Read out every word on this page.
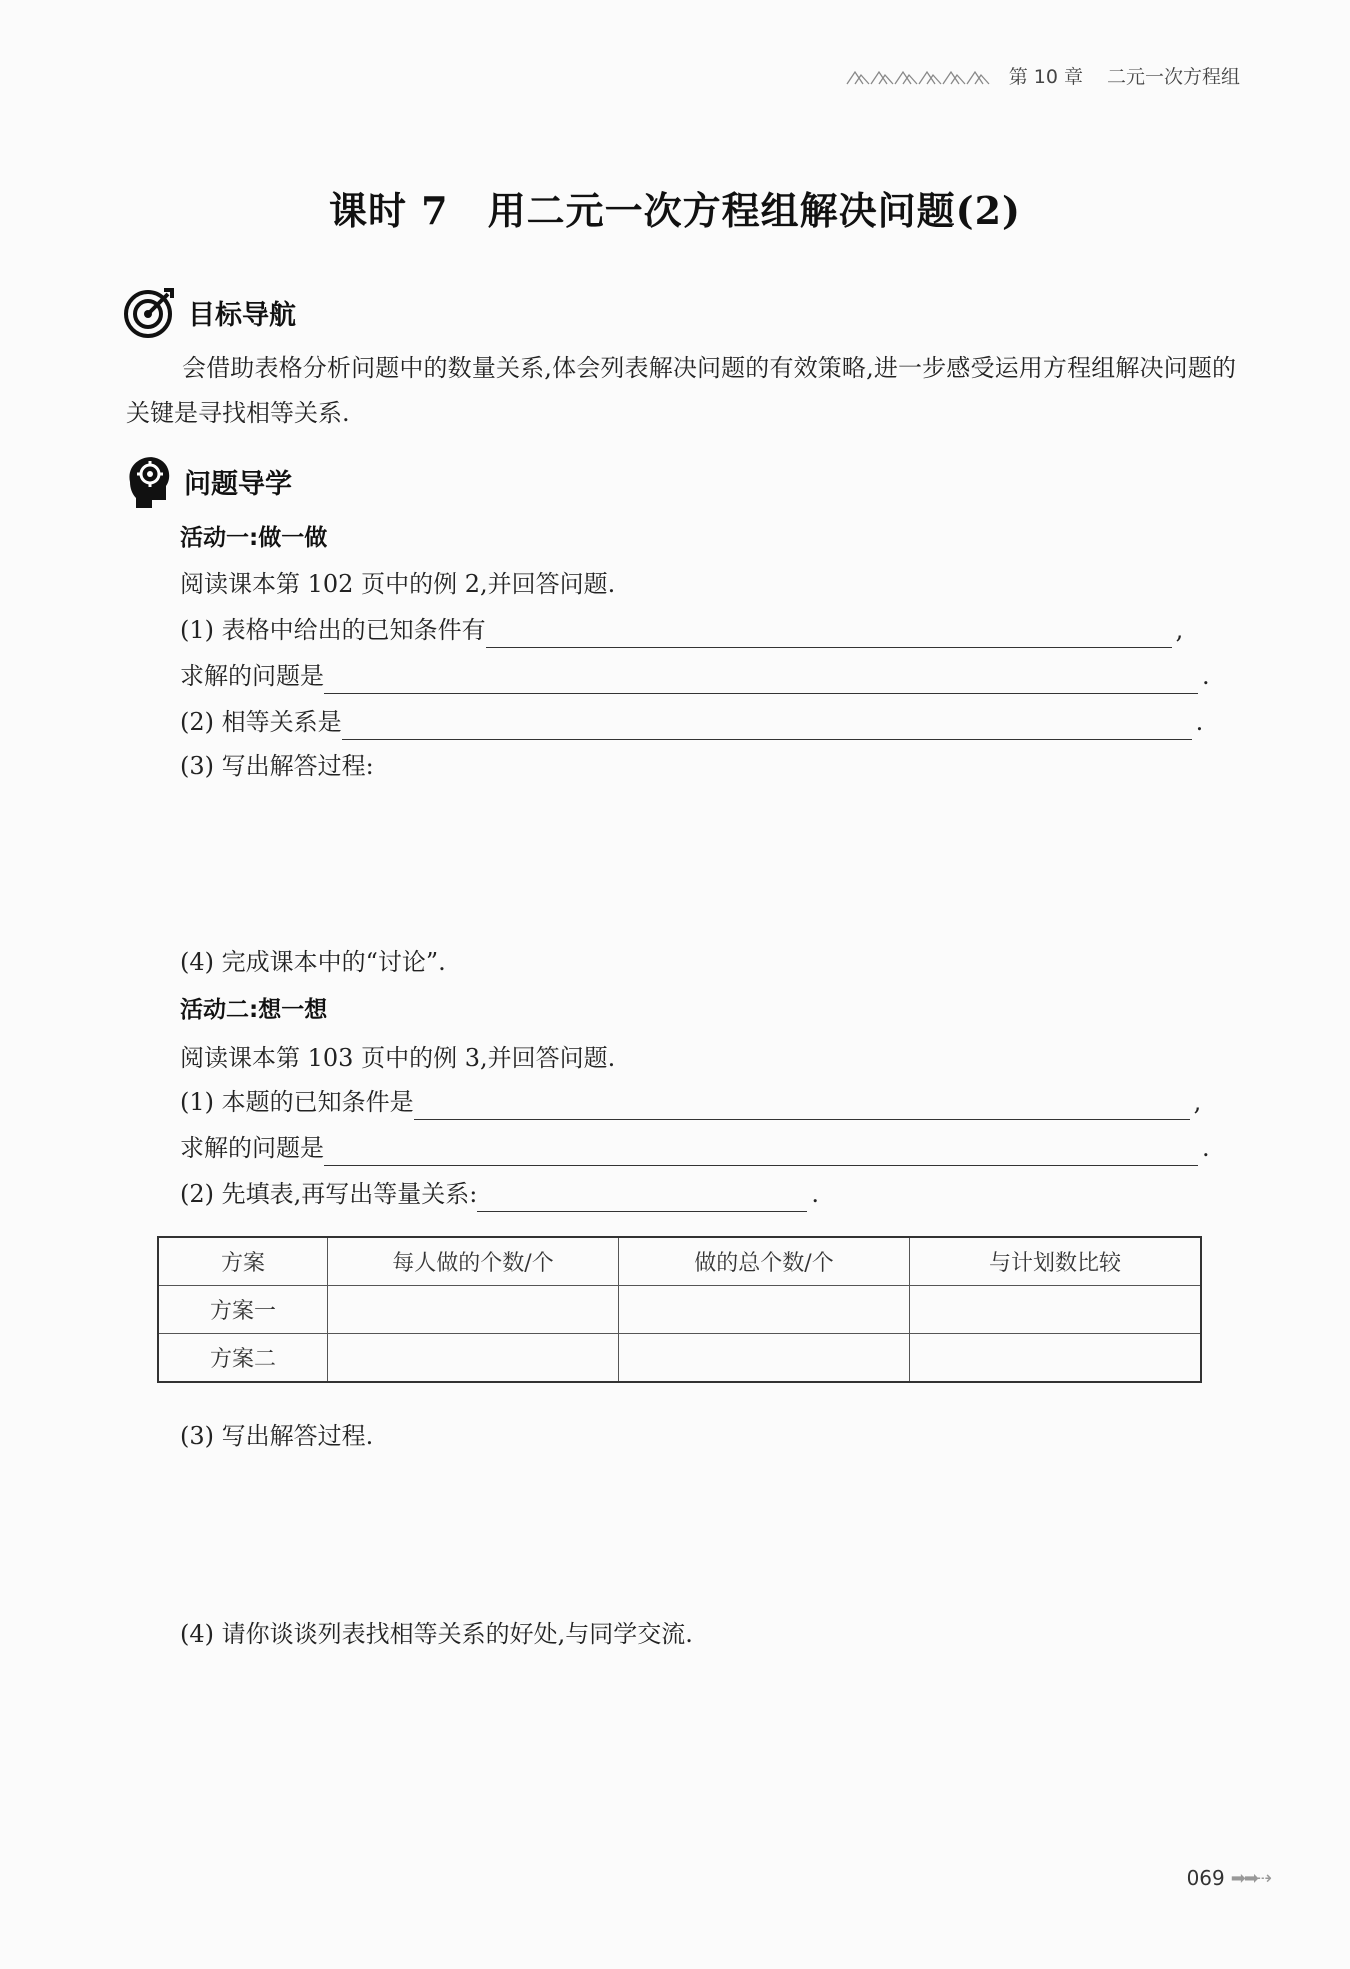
第 10 章 二元一次方程组
课时 7　用二元一次方程组解决问题(2)
目标导航
会借助表格分析问题中的数量关系,体会列表解决问题的有效策略,进一步感受运用方程组解决问题的关键是寻找相等关系.
问题导学
活动一:做一做
阅读课本第 102 页中的例 2,并回答问题.
(1) 表格中给出的已知条件有	,
求解的问题是	.
(2) 相等关系是	.
(3) 写出解答过程:
(4) 完成课本中的“讨论”.
活动二:想一想
阅读课本第 103 页中的例 3,并回答问题.
(1) 本题的已知条件是	,
求解的问题是	.
(2) 先填表,再写出等量关系:	.
方案	每人做的个数/个	做的总个数/个	与计划数比较
方案一			
方案二			
(3) 写出解答过程.
(4) 请你谈谈列表找相等关系的好处,与同学交流.
069 ➡➡⇢
